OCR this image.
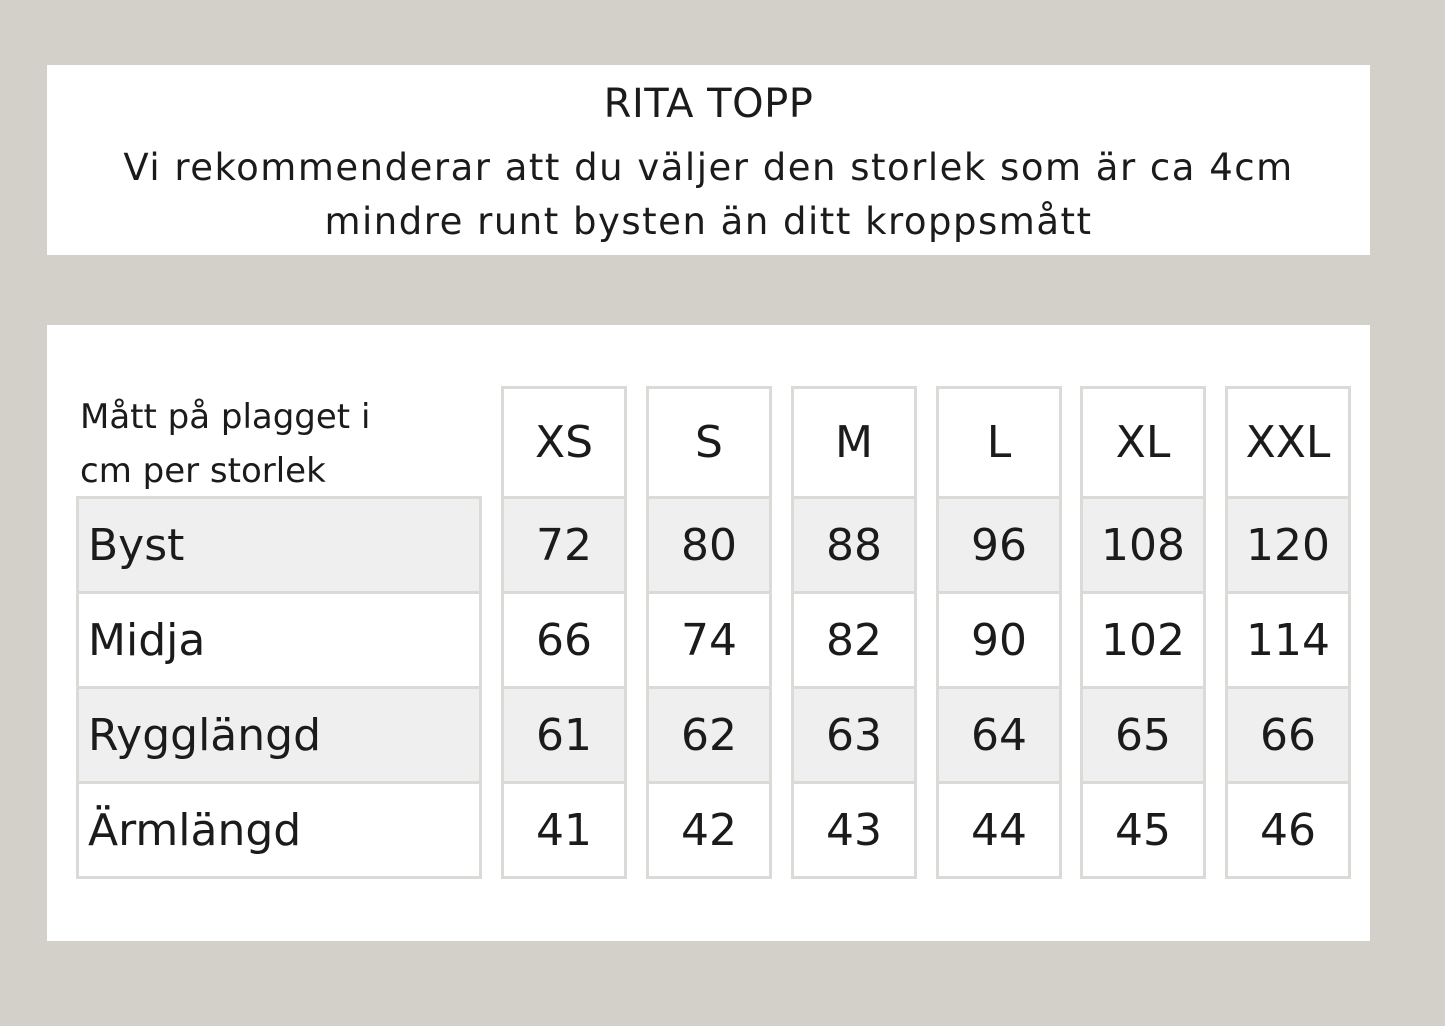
RITA TOPP
Vi rekommenderar att du väljer den storlek som är ca 4cm
mindre runt bysten än ditt kroppsmått
Mått på plagget i
cm per storlek
Byst
Midja
Rygglängd
Ärmlängd
XS
72
66
61
41
S
80
74
62
42
M
88
82
63
43
L
96
90
64
44
XL
108
102
65
45
XXL
120
114
66
46
